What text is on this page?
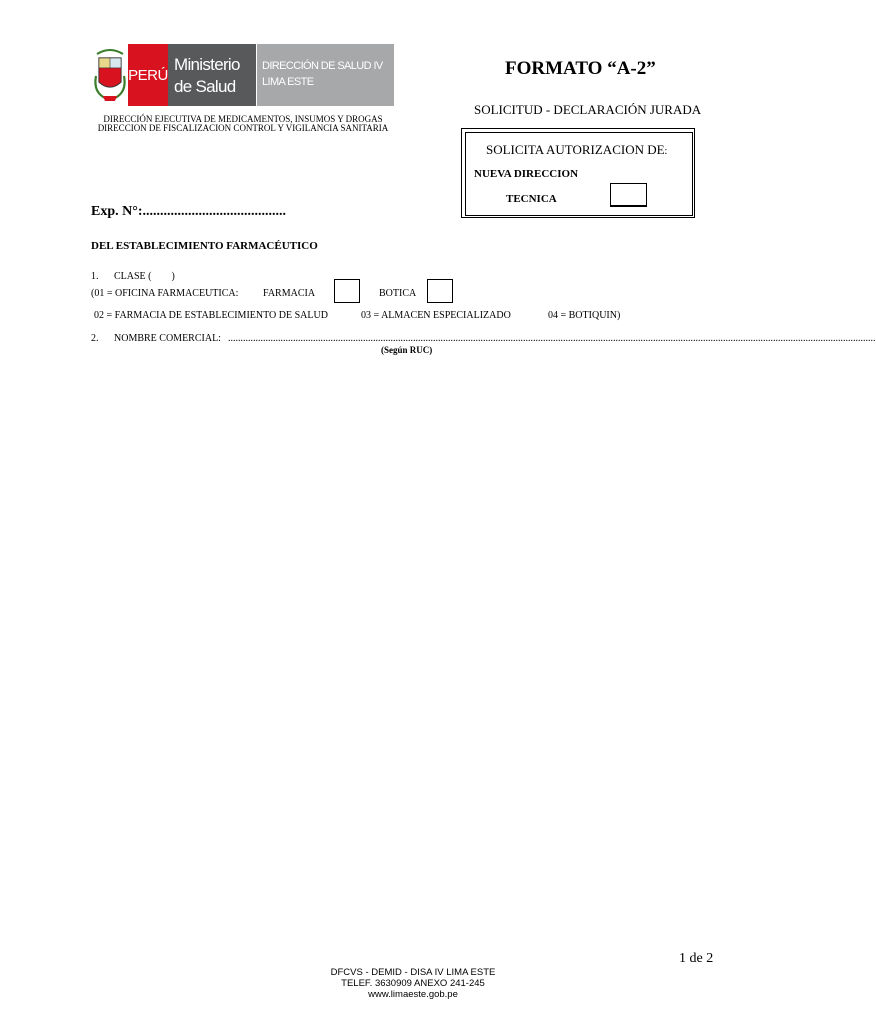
PERÚ
Ministerio
de Salud
DIRECCIÓN DE SALUD IV
LIMA ESTE
DIRECCIÓN EJECUTIVA DE MEDICAMENTOS, INSUMOS Y DROGAS
DIRECCION DE FISCALIZACION CONTROL Y VIGILANCIA SANITARIA
FORMATO “A-2”
SOLICITUD - DECLARACIÓN JURADA
SOLICITA AUTORIZACION DE:
NUEVA DIRECCION
TECNICA
Exp. N°:.........................................
DEL ESTABLECIMIENTO FARMACÉUTICO
1. CLASE (        )
(01 = OFICINA FARMACEUTICA: FARMACIA	BOTICA
02 = FARMACIA DE ESTABLECIMIENTO DE SALUD	03 = ALMACEN ESPECIALIZADO	04 = BOTIQUIN)
2. NOMBRE COMERCIAL: ...................................................................................................................................................................................................................................................................
(Según RUC)
1 de 2
DFCVS - DEMID - DISA IV LIMA ESTE
TELEF. 3630909 ANEXO 241-245
www.limaeste.gob.pe
